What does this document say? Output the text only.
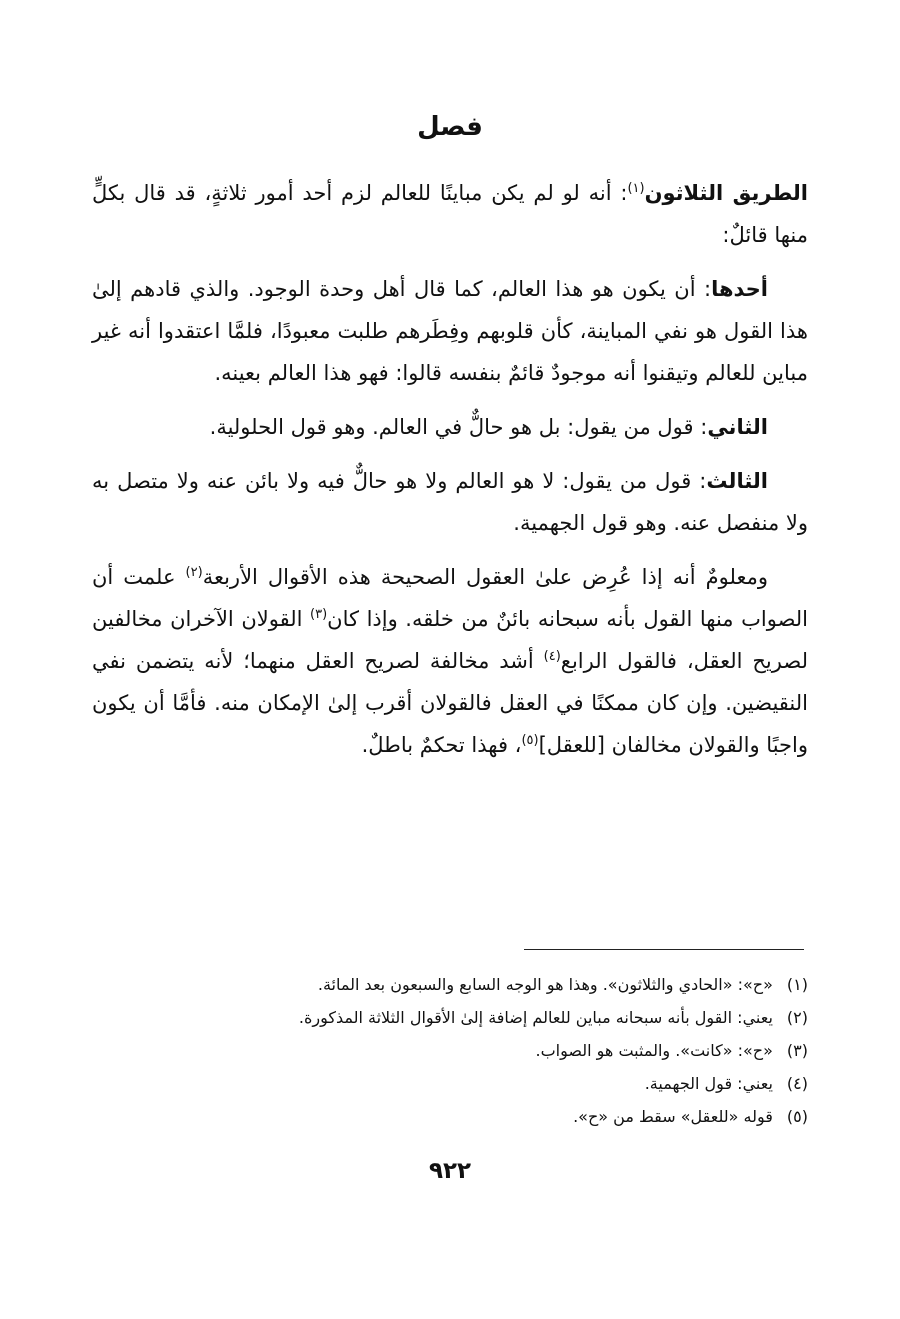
فصل

الطريق الثلاثون$^{(١)}$: أنه لو لم يكن مباينًا للعالم لزم أحد أمور ثلاثةٍ، قد قال بكلٍّ منها قائلٌ:

أحدها: أن يكون هو هذا العالم، كما قال أهل وحدة الوجود. والذي قادهم إلىٰ هذا القول هو نفي المباينة، كأن قلوبهم وفِطَرهم طلبت معبودًا، فلمَّا اعتقدوا أنه غير مباين للعالم وتيقنوا أنه موجودٌ قائمٌ بنفسه قالوا: فهو هذا العالم بعينه.

الثاني: قول من يقول: بل هو حالٌّ في العالم. وهو قول الحلولية.

الثالث: قول من يقول: لا هو العالم ولا هو حالٌّ فيه ولا بائن عنه ولا متصل به ولا منفصل عنه. وهو قول الجهمية.

ومعلومٌ أنه إذا عُرِض علىٰ العقول الصحيحة هذه الأقوال الأربعة$^{(٢)}$ علمت أن الصواب منها القول بأنه سبحانه بائنٌ من خلقه. وإذا كان$^{(٣)}$ القولان الآخران مخالفين لصريح العقل، فالقول الرابع$^{(٤)}$ أشد مخالفة لصريح العقل منهما؛ لأنه يتضمن نفي النقيضين. وإن كان ممكنًا في العقل فالقولان أقرب إلىٰ الإمكان منه. فأمَّا أن يكون واجبًا والقولان مخالفان [للعقل]$^{(٥)}$، فهذا تحكمٌ باطلٌ.

(١)«ح»: «الحادي والثلاثون». وهذا هو الوجه السابع والسبعون بعد المائة.
(٢)يعني: القول بأنه سبحانه مباين للعالم إضافة إلىٰ الأقوال الثلاثة المذكورة.
(٣)«ح»: «كانت». والمثبت هو الصواب.
(٤)يعني: قول الجهمية.
(٥)قوله «للعقل» سقط من «ح».
٩٢٢
